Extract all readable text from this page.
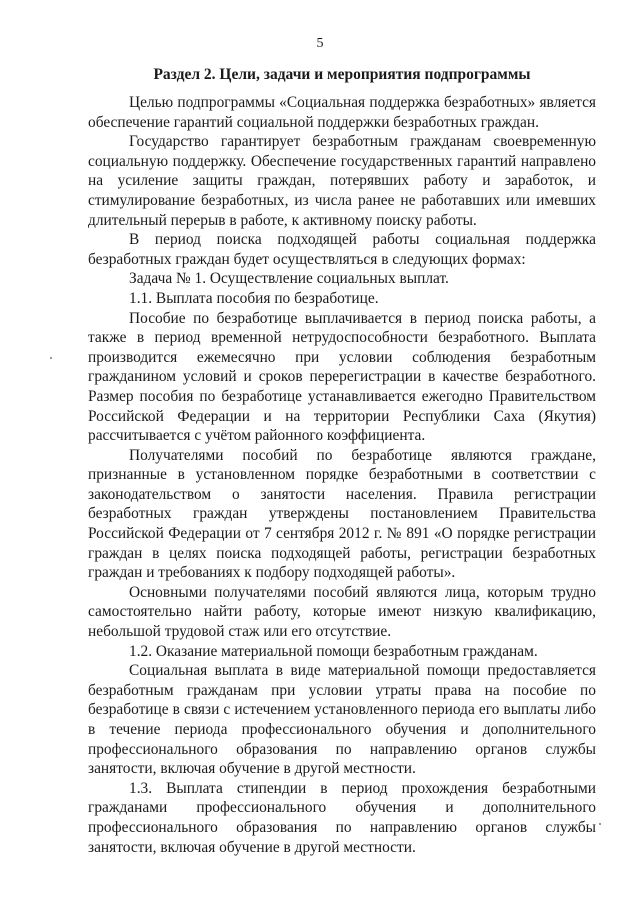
5
Раздел 2. Цели, задачи и мероприятия подпрограммы

Целью подпрограммы «Социальная поддержка безработных» является обеспечение гарантий социальной поддержки безработных граждан.

Государство гарантирует безработным гражданам своевременную социальную поддержку. Обеспечение государственных гарантий направлено на усиление защиты граждан, потерявших работу и заработок, и стимулирование безработных, из числа ранее не работавших или имевших длительный перерыв в работе, к активному поиску работы.

В период поиска подходящей работы социальная поддержка безработных граждан будет осуществляться в следующих формах:

Задача № 1. Осуществление социальных выплат.

1.1. Выплата пособия по безработице.

Пособие по безработице выплачивается в период поиска работы, а также в период временной нетрудоспособности безработного. Выплата производится ежемесячно при условии соблюдения безработным гражданином условий и сроков перерегистрации в качестве безработного. Размер пособия по безработице устанавливается ежегодно Правительством Российской Федерации и на территории Республики Саха (Якутия) рассчитывается с учётом районного коэффициента.

Получателями пособий по безработице являются граждане, признанные в установленном порядке безработными в соответствии с законодательством о занятости населения. Правила регистрации безработных граждан утверждены постановлением Правительства Российской Федерации от 7 сентября 2012 г. № 891 «О порядке регистрации граждан в целях поиска подходящей работы, регистрации безработных граждан и требованиях к подбору подходящей работы».

Основными получателями пособий являются лица, которым трудно самостоятельно найти работу, которые имеют низкую квалификацию, небольшой трудовой стаж или его отсутствие.

1.2. Оказание материальной помощи безработным гражданам.

Социальная выплата в виде материальной помощи предоставляется безработным гражданам при условии утраты права на пособие по безработице в связи с истечением установленного периода его выплаты либо в течение периода профессионального обучения и дополнительного профессионального образования по направлению органов службы занятости, включая обучение в другой местности.

1.3. Выплата стипендии в период прохождения безработными гражданами профессионального обучения и дополнительного профессионального образования по направлению органов службы занятости, включая обучение в другой местности.
